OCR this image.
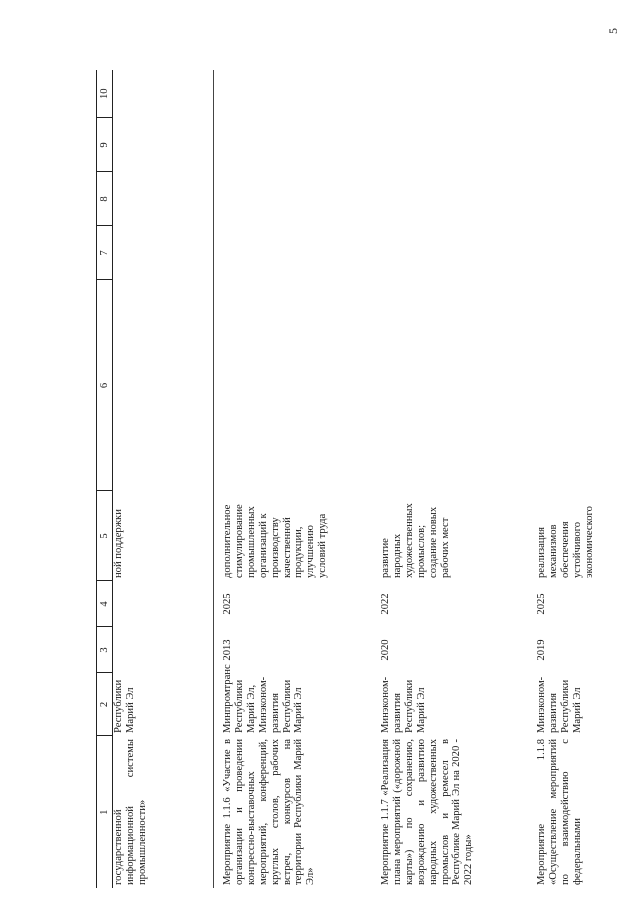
5
1	2	3	4	5	6	7	8	9	10
государственной информационной системы промышленности»	Республики Марий Эл			ной поддержки					
Мероприятие 1.1.6 «Участие в организации и проведении конгрессно-выставочных мероприятий, конференций, круглых столов, рабочих встреч, конкурсов на территории Республики Марий Эл»	Минпромтранс Республики Марий Эл, Минэконом-развития Республики Марий Эл	2013	2025	дополнительное стимулирование промышленных организаций к производству качественной продукции, улучшению условий труда					
Мероприятие 1.1.7 «Реализация плана мероприятий («дорожной карты») по сохранению, возрождению и развитию народных художественных промыслов и ремесел в Республике Марий Эл на 2020 - 2022 годы»	Минэконом-развития Республики Марий Эл	2020	2022	развитие народных художественных промыслов; создание новых рабочих мест					
Мероприятие 1.1.8 «Осуществление мероприятий по взаимодействию с федеральными	Минэконом-развития Республики Марий Эл	2019	2025	реализация механизмов обеспечения устойчивого экономического					
